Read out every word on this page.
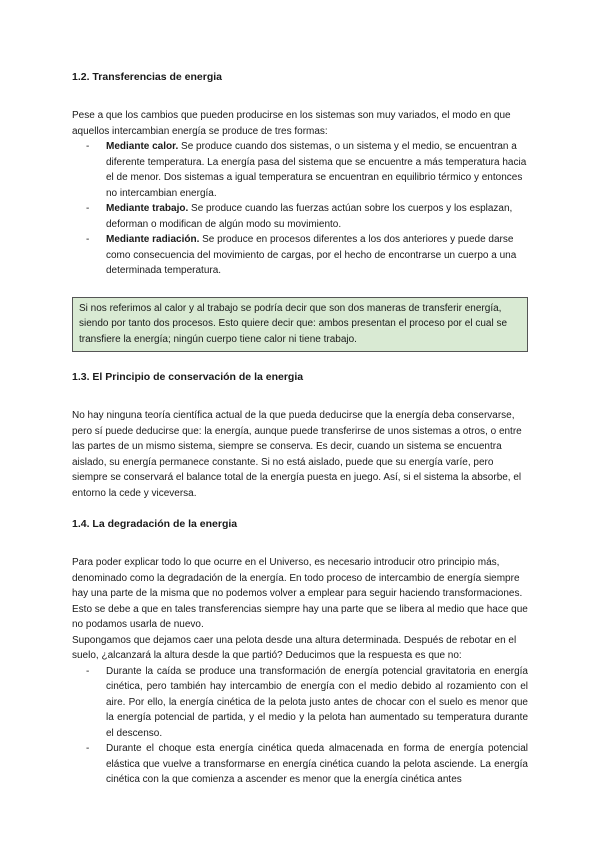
1.2. Transferencias de energia

Pese a que los cambios que pueden producirse en los sistemas son muy variados, el modo en que aquellos intercambian energía se produce de tres formas:

- Mediante calor. Se produce cuando dos sistemas, o un sistema y el medio, se encuentran a diferente temperatura. La energía pasa del sistema que se encuentre a más temperatura hacia el de menor. Dos sistemas a igual temperatura se encuentran en equilibrio térmico y entonces no intercambian energía.
- Mediante trabajo. Se produce cuando las fuerzas actúan sobre los cuerpos y los esplazan, deforman o modifican de algún modo su movimiento.
- Mediante radiación. Se produce en procesos diferentes a los dos anteriores y puede darse como consecuencia del movimiento de cargas, por el hecho de encontrarse un cuerpo a una determinada temperatura.
Si nos referimos al calor y al trabajo se podría decir que son dos maneras de transferir energía, siendo por tanto dos procesos. Esto quiere decir que: ambos presentan el proceso por el cual se transfiere la energía; ningún cuerpo tiene calor ni tiene trabajo.
1.3. El Principio de conservación de la energia

No hay ninguna teoría científica actual de la que pueda deducirse que la energía deba conservarse, pero sí puede deducirse que: la energía, aunque puede transferirse de unos sistemas a otros, o entre las partes de un mismo sistema, siempre se conserva. Es decir, cuando un sistema se encuentra aislado, su energía permanece constante. Si no está aislado, puede que su energía varíe, pero siempre se conservará el balance total de la energía puesta en juego. Así, si el sistema la absorbe, el entorno la cede y viceversa.

1.4. La degradación de la energia

Para poder explicar todo lo que ocurre en el Universo, es necesario introducir otro principio más, denominado como la degradación de la energía. En todo proceso de intercambio de energía siempre hay una parte de la misma que no podemos volver a emplear para seguir haciendo transformaciones. Esto se debe a que en tales transferencias siempre hay una parte que se libera al medio que hace que no podamos usarla de nuevo.

Supongamos que dejamos caer una pelota desde una altura determinada. Después de rebotar en el suelo, ¿alcanzará la altura desde la que partió? Deducimos que la respuesta es que no:

- Durante la caída se produce una transformación de energía potencial gravitatoria en energía cinética, pero también hay intercambio de energía con el medio debido al rozamiento con el aire. Por ello, la energía cinética de la pelota justo antes de chocar con el suelo es menor que la energía potencial de partida, y el medio y la pelota han aumentado su temperatura durante el descenso.
- Durante el choque esta energía cinética queda almacenada en forma de energía potencial elástica que vuelve a transformarse en energía cinética cuando la pelota asciende. La energía cinética con la que comienza a ascender es menor que la energía cinética antes
